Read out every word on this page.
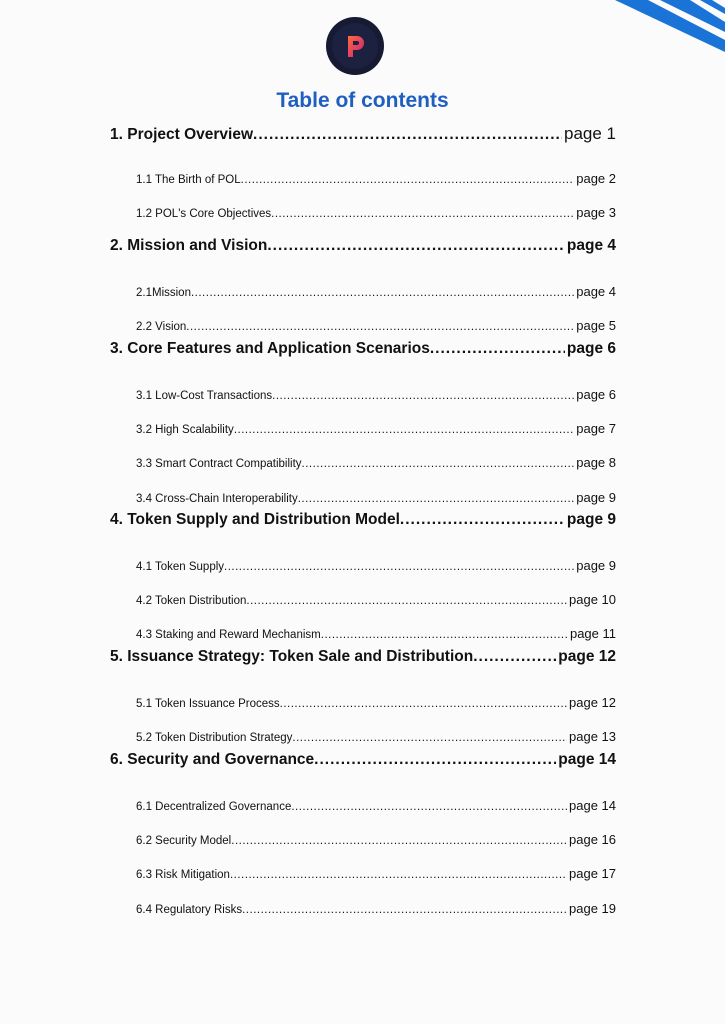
Table of contents
1. Project Overview .....	page 1
1.1 The Birth of POL .....	page 2
1.2 POL's Core Objectives .....	page 3
2. Mission and Vision .....	page 4
2.1Mission .....	page 4
2.2 Vision .....	page 5
3. Core Features and Application Scenarios .....	page 6
3.1 Low-Cost Transactions .....	page 6
3.2 High Scalability .....	page 7
3.3 Smart Contract Compatibility .....	page 8
3.4 Cross-Chain Interoperability .....	page 9
4. Token Supply and Distribution Model .....	page 9
4.1 Token Supply .....	page 9
4.2 Token Distribution .....	page 10
4.3 Staking and Reward Mechanism .....	page 11
5. Issuance Strategy: Token Sale and Distribution .....	page 12
5.1 Token Issuance Process .....	page 12
5.2 Token Distribution Strategy .....	page 13
6. Security and Governance .....	page 14
6.1 Decentralized Governance .....	page 14
6.2 Security Model .....	page 16
6.3 Risk Mitigation .....	page 17
6.4 Regulatory Risks .....	page 19
